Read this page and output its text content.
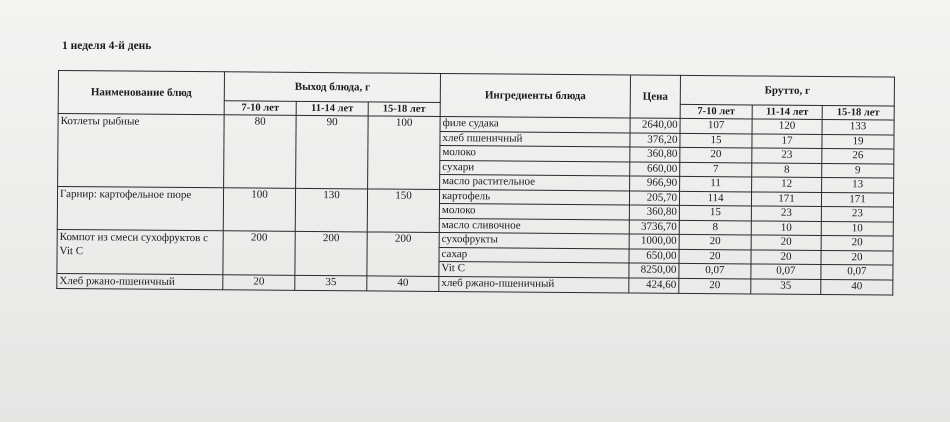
1 неделя 4-й день
Наименование блюд	Выход блюда, г			Ингредиенты блюда	Цена	Брутто, г		
	7-10 лет	11-14 лет	15-18 лет			7-10 лет	11-14 лет	15-18 лет
Котлеты рыбные	80	90	100	филе судака	2640,00	107	120	133
				хлеб пшеничный	376,20	15	17	19
				молоко	360,80	20	23	26
				сухари	660,00	7	8	9
				масло растительное	966,90	11	12	13
Гарнир: картофельное пюре	100	130	150	картофель	205,70	114	171	171
				молоко	360,80	15	23	23
				масло сливочное	3736,70	8	10	10
Компот из смеси сухофруктов с Vit C	200	200	200	сухофрукты	1000,00	20	20	20
				сахар	650,00	20	20	20
				Vit C	8250,00	0,07	0,07	0,07
Хлеб ржано-пшеничный	20	35	40	хлеб ржано-пшеничный	424,60	20	35	40
